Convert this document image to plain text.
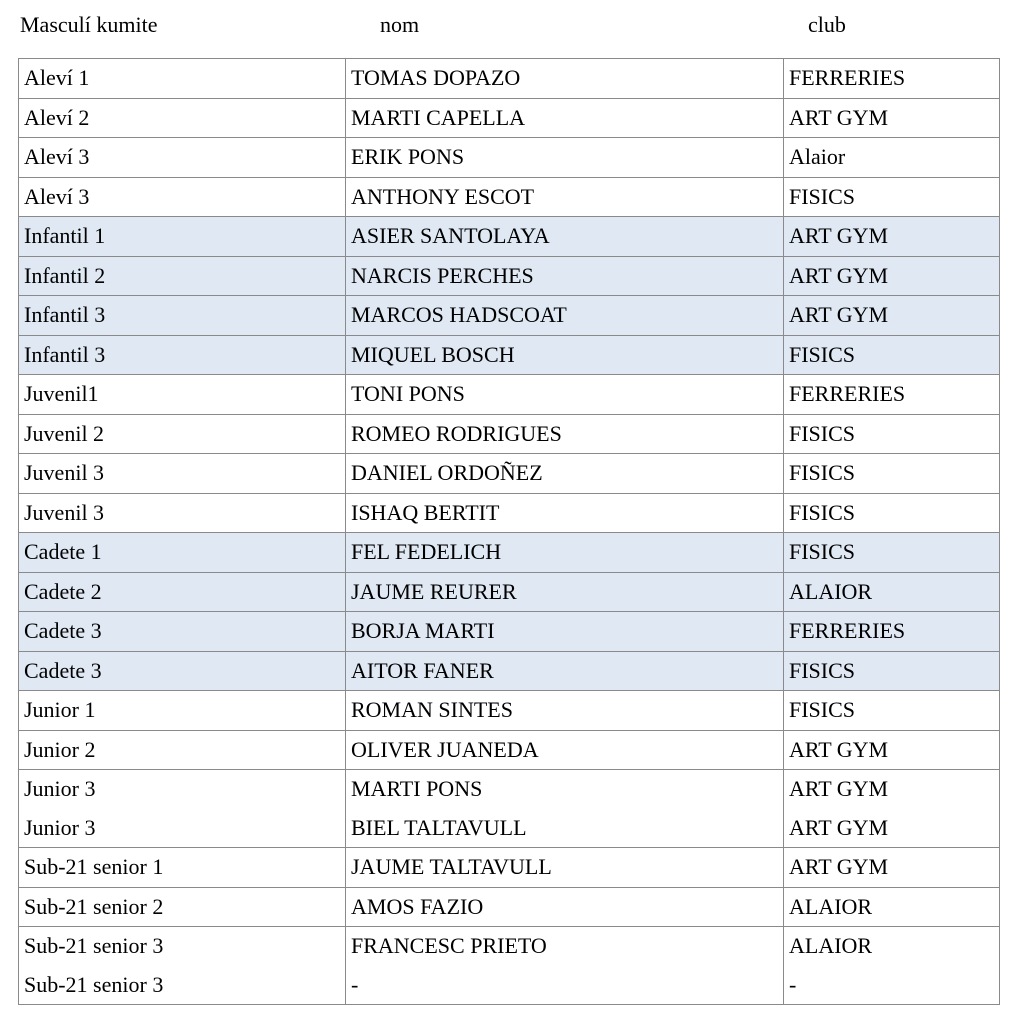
Masculí kumite	nom	club
Aleví 1	TOMAS DOPAZO	FERRERIES
Aleví 2	MARTI CAPELLA	ART GYM
Aleví 3	ERIK PONS	Alaior
Aleví 3	ANTHONY ESCOT	FISICS
Infantil 1	ASIER SANTOLAYA	ART GYM
Infantil 2	NARCIS PERCHES	ART GYM
Infantil 3	MARCOS HADSCOAT	ART GYM
Infantil 3	MIQUEL BOSCH	FISICS
Juvenil1	TONI PONS	FERRERIES
Juvenil 2	ROMEO RODRIGUES	FISICS
Juvenil 3	DANIEL ORDOÑEZ	FISICS
Juvenil 3	ISHAQ BERTIT	FISICS
Cadete 1	FEL FEDELICH	FISICS
Cadete 2	JAUME REURER	ALAIOR
Cadete 3	BORJA MARTI	FERRERIES
Cadete 3	AITOR FANER	FISICS
Junior 1	ROMAN SINTES	FISICS
Junior 2	OLIVER JUANEDA	ART GYM
Junior 3	MARTI PONS	ART GYM
Junior 3	BIEL TALTAVULL	ART GYM
Sub-21 senior 1	JAUME TALTAVULL	ART GYM
Sub-21 senior 2	AMOS FAZIO	ALAIOR
Sub-21 senior 3	FRANCESC PRIETO	ALAIOR
Sub-21 senior 3	-	-
